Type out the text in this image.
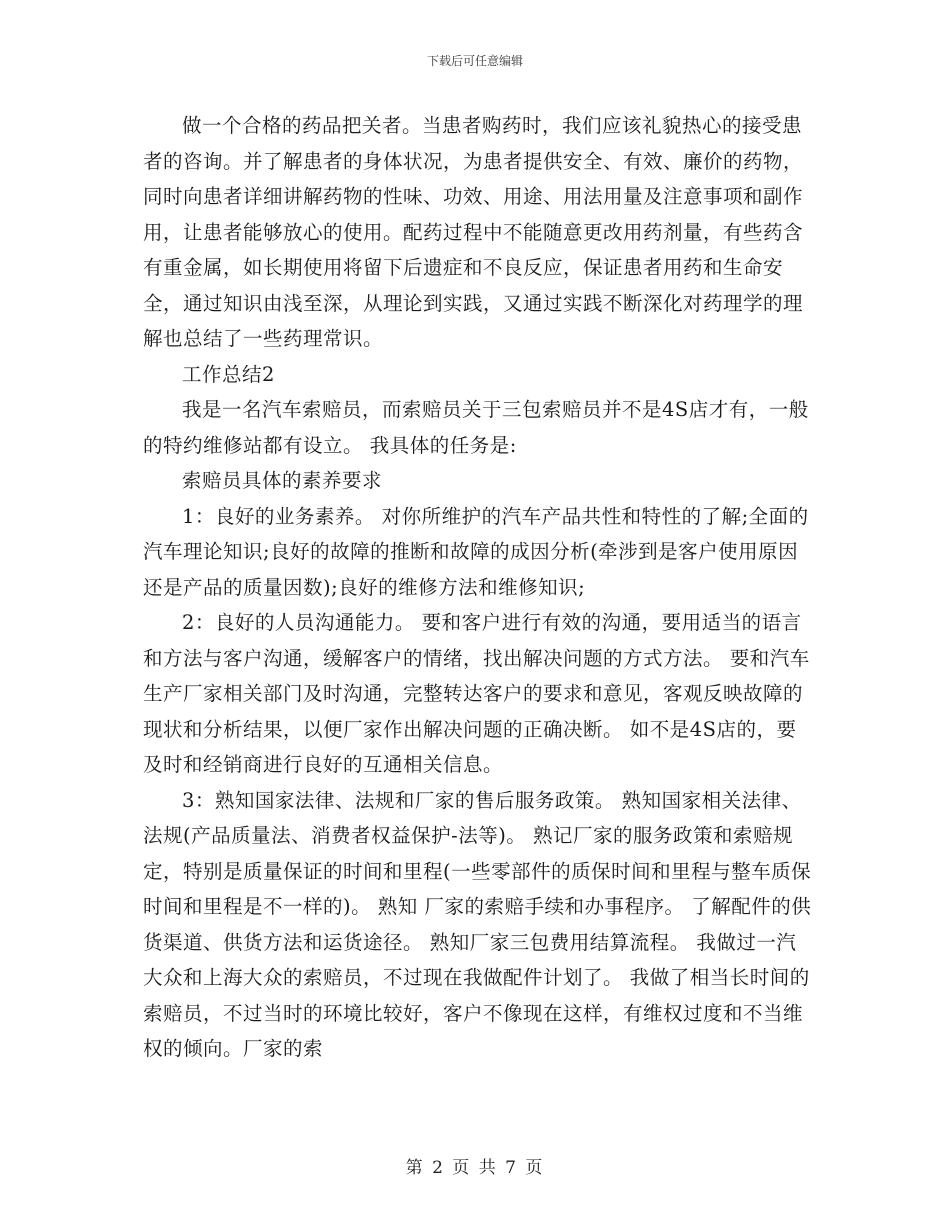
下载后可任意编辑

做一个合格的药品把关者。当患者购药时，我们应该礼貌热心的接受患者的咨询。并了解患者的身体状况，为患者提供安全、有效、廉价的药物，同时向患者详细讲解药物的性味、功效、用途、用法用量及注意事项和副作用，让患者能够放心的使用。配药过程中不能随意更改用药剂量，有些药含有重金属，如长期使用将留下后遗症和不良反应，保证患者用药和生命安全，通过知识由浅至深，从理论到实践，又通过实践不断深化对药理学的理解也总结了一些药理常识。

工作总结2

我是一名汽车索赔员，而索赔员关于三包索赔员并不是4S店才有，一般的特约维修站都有设立。 我具体的任务是:

索赔员具体的素养要求

1：良好的业务素养。 对你所维护的汽车产品共性和特性的了解;全面的汽车理论知识;良好的故障的推断和故障的成因分析(牵涉到是客户使用原因还是产品的质量因数);良好的维修方法和维修知识;

2：良好的人员沟通能力。 要和客户进行有效的沟通，要用适当的语言和方法与客户沟通，缓解客户的情绪，找出解决问题的方式方法。 要和汽车生产厂家相关部门及时沟通，完整转达客户的要求和意见，客观反映故障的现状和分析结果，以便厂家作出解决问题的正确决断。 如不是4S店的，要及时和经销商进行良好的互通相关信息。

3：熟知国家法律、法规和厂家的售后服务政策。 熟知国家相关法律、法规(产品质量法、消费者权益保护-法等)。 熟记厂家的服务政策和索赔规定，特别是质量保证的时间和里程(一些零部件的质保时间和里程与整车质保时间和里程是不一样的)。 熟知 厂家的索赔手续和办事程序。 了解配件的供货渠道、供货方法和运货途径。 熟知厂家三包费用结算流程。 我做过一汽大众和上海大众的索赔员，不过现在我做配件计划了。 我做了相当长时间的索赔员，不过当时的环境比较好，客户不像现在这样，有维权过度和不当维权的倾向。厂家的索

第 2 页 共 7 页
